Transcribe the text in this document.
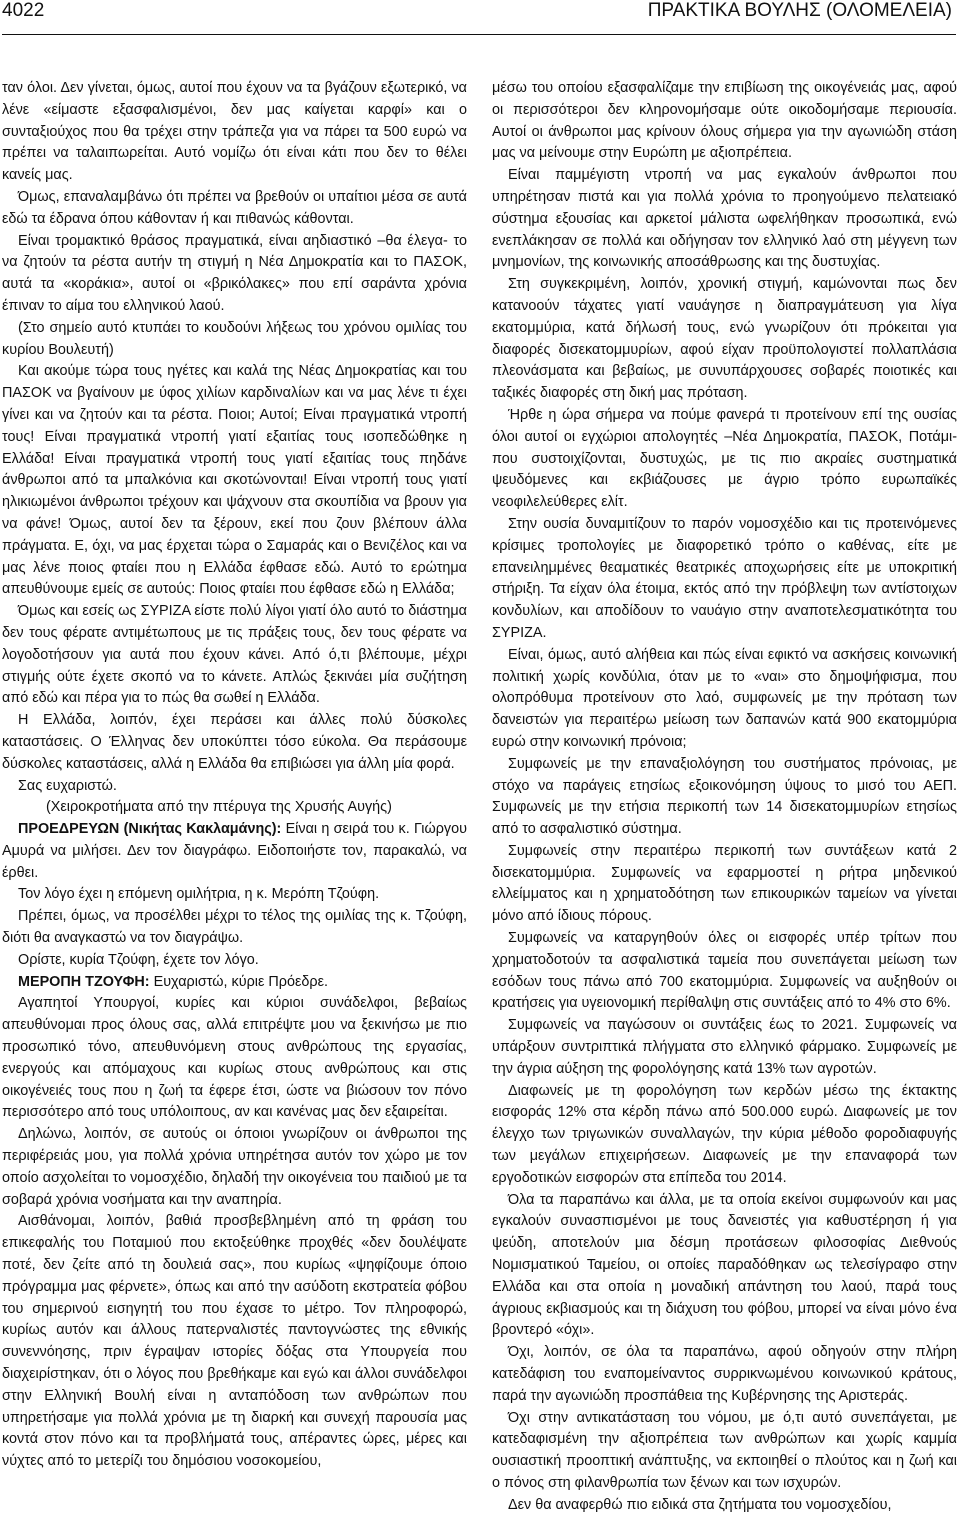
4022	ΠΡΑΚΤΙΚΑ ΒΟΥΛΗΣ (ΟΛΟΜΕΛΕΙΑ)

ταν όλοι. Δεν γίνεται, όμως, αυτοί που έχουν να τα βγάζουν εξωτερικό, να λένε «είμαστε εξασφαλισμένοι, δεν μας καίγεται καρφί» και ο συνταξιούχος που θα τρέχει στην τράπεζα για να πάρει τα 500 ευρώ να πρέπει να ταλαιπωρείται. Αυτό νομίζω ότι είναι κάτι που δεν το θέλει κανείς μας.

Όμως, επαναλαμβάνω ότι πρέπει να βρεθούν οι υπαίτιοι μέσα σε αυτά εδώ τα έδρανα όπου κάθονταν ή και πιθανώς κάθονται.

Είναι τρομακτικό θράσος πραγματικά, είναι αηδιαστικό –θα έλεγα- το να ζητούν τα ρέστα αυτήν τη στιγμή η Νέα Δημοκρατία και το ΠΑΣΟΚ, αυτά τα «κοράκια», αυτοί οι «βρικόλακες» που επί σαράντα χρόνια έπιναν το αίμα του ελληνικού λαού.

(Στο σημείο αυτό κτυπάει το κουδούνι λήξεως του χρόνου ομιλίας του κυρίου Βουλευτή)

Και ακούμε τώρα τους ηγέτες και καλά της Νέας Δημοκρατίας και του ΠΑΣΟΚ να βγαίνουν με ύφος χιλίων καρδιναλίων και να μας λένε τι έχει γίνει και να ζητούν και τα ρέστα. Ποιοι; Αυτοί; Είναι πραγματικά ντροπή τους! Είναι πραγματικά ντροπή γιατί εξαιτίας τους ισοπεδώθηκε η Ελλάδα! Είναι πραγματικά ντροπή τους γιατί εξαιτίας τους πηδάνε άνθρωποι από τα μπαλκόνια και σκοτώνονται! Είναι ντροπή τους γιατί ηλικιωμένοι άνθρωποι τρέχουν και ψάχνουν στα σκουπίδια να βρουν για να φάνε! Όμως, αυτοί δεν τα ξέρουν, εκεί που ζουν βλέπουν άλλα πράγματα. Ε, όχι, να μας έρχεται τώρα ο Σαμαράς και ο Βενιζέλος και να μας λένε ποιος φταίει που η Ελλάδα έφθασε εδώ. Αυτό το ερώτημα απευθύνουμε εμείς σε αυτούς: Ποιος φταίει που έφθασε εδώ η Ελλάδα;

Όμως και εσείς ως ΣΥΡΙΖΑ είστε πολύ λίγοι γιατί όλο αυτό το διάστημα δεν τους φέρατε αντιμέτωπους με τις πράξεις τους, δεν τους φέρατε να λογοδοτήσουν για αυτά που έχουν κάνει. Από ό,τι βλέπουμε, μέχρι στιγμής ούτε έχετε σκοπό να το κάνετε. Απλώς ξεκινάει μία συζήτηση από εδώ και πέρα για το πώς θα σωθεί η Ελλάδα.

Η Ελλάδα, λοιπόν, έχει περάσει και άλλες πολύ δύσκολες καταστάσεις. Ο Έλληνας δεν υποκύπτει τόσο εύκολα. Θα περάσουμε δύσκολες καταστάσεις, αλλά η Ελλάδα θα επιβιώσει για άλλη μία φορά.

Σας ευχαριστώ.

(Χειροκροτήματα από την πτέρυγα της Χρυσής Αυγής)

ΠΡΟΕΔΡΕΥΩΝ (Νικήτας Κακλαμάνης): Είναι η σειρά του κ. Γιώργου Αμυρά να μιλήσει. Δεν τον διαγράφω. Ειδοποιήστε τον, παρακαλώ, να έρθει.

Τον λόγο έχει η επόμενη ομιλήτρια, η κ. Μερόπη Τζούφη.

Πρέπει, όμως, να προσέλθει μέχρι το τέλος της ομιλίας της κ. Τζούφη, διότι θα αναγκαστώ να τον διαγράψω.

Ορίστε, κυρία Τζούφη, έχετε τον λόγο.

ΜΕΡΟΠΗ ΤΖΟΥΦΗ: Ευχαριστώ, κύριε Πρόεδρε.

Αγαπητοί Υπουργοί, κυρίες και κύριοι συνάδελφοι, βεβαίως απευθύνομαι προς όλους σας, αλλά επιτρέψτε μου να ξεκινήσω με πιο προσωπικό τόνο, απευθυνόμενη στους ανθρώπους της εργασίας, ενεργούς και απόμαχους και κυρίως στους ανθρώπους και στις οικογένειές τους που η ζωή τα έφερε έτσι, ώστε να βιώσουν τον πόνο περισσότερο από τους υπόλοιπους, αν και κανένας μας δεν εξαιρείται.

Δηλώνω, λοιπόν, σε αυτούς οι όποιοι γνωρίζουν οι άνθρωποι της περιφέρειάς μου, για πολλά χρόνια υπηρέτησα αυτόν τον χώρο με τον οποίο ασχολείται το νομοσχέδιο, δηλαδή την οικογένεια του παιδιού με τα σοβαρά χρόνια νοσήματα και την αναπηρία.

Αισθάνομαι, λοιπόν, βαθιά προσβεβλημένη από τη φράση του επικεφαλής του Ποταμιού που εκτοξεύθηκε προχθές «δεν δουλέψατε ποτέ, δεν ζείτε από τη δουλειά σας», που κυρίως «ψηφίζουμε όποιο πρόγραμμα μας φέρνετε», όπως και από την ασύδοτη εκστρατεία φόβου του σημερινού εισηγητή του που έχασε το μέτρο. Τον πληροφορώ, κυρίως αυτόν και άλλους πατερναλιστές παντογνώστες της εθνικής συνεννόησης, πριν έγραψαν ιστορίες δόξας στα Υπουργεία που διαχειρίστηκαν, ότι ο λόγος που βρεθήκαμε και εγώ και άλλοι συνάδελφοι στην Ελληνική Βουλή είναι η ανταπόδοση των ανθρώπων που υπηρετήσαμε για πολλά χρόνια με τη διαρκή και συνεχή παρουσία μας κοντά στον πόνο και τα προβλήματά τους, απέραντες ώρες, μέρες και νύχτες από το μετερίζι του δημόσιου νοσοκομείου,

μέσω του οποίου εξασφαλίζαμε την επιβίωση της οικογένειάς μας, αφού οι περισσότεροι δεν κληρονομήσαμε ούτε οικοδομήσαμε περιουσία. Αυτοί οι άνθρωποι μας κρίνουν όλους σήμερα για την αγωνιώδη στάση μας να μείνουμε στην Ευρώπη με αξιοπρέπεια.

Είναι παμμέγιστη ντροπή να μας εγκαλούν άνθρωποι που υπηρέτησαν πιστά και για πολλά χρόνια το προηγούμενο πελατειακό σύστημα εξουσίας και αρκετοί μάλιστα ωφελήθηκαν προσωπικά, ενώ ενεπλάκησαν σε πολλά και οδήγησαν τον ελληνικό λαό στη μέγγενη των μνημονίων, της κοινωνικής αποσάθρωσης και της δυστυχίας.

Στη συγκεκριμένη, λοιπόν, χρονική στιγμή, καμώνονται πως δεν κατανοούν τάχατες γιατί ναυάγησε η διαπραγμάτευση για λίγα εκατομμύρια, κατά δήλωσή τους, ενώ γνωρίζουν ότι πρόκειται για διαφορές δισεκατομμυρίων, αφού είχαν προϋπολογιστεί πολλαπλάσια πλεονάσματα και βεβαίως, με συνυπάρχουσες σοβαρές ποιοτικές και ταξικές διαφορές στη δική μας πρόταση.

Ήρθε η ώρα σήμερα να πούμε φανερά τι προτείνουν επί της ουσίας όλοι αυτοί οι εγχώριοι απολογητές –Νέα Δημοκρατία, ΠΑΣΟΚ, Ποτάμι- που συστοιχίζονται, δυστυχώς, με τις πιο ακραίες συστηματικά ψευδόμενες και εκβιάζουσες με άγριο τρόπο ευρωπαϊκές νεοφιλελεύθερες ελίτ.

Στην ουσία δυναμιτίζουν το παρόν νομοσχέδιο και τις προτεινόμενες κρίσιμες τροπολογίες με διαφορετικό τρόπο ο καθένας, είτε με επανειλημμένες θεαματικές θεατρικές αποχωρήσεις είτε με υποκριτική στήριξη. Τα είχαν όλα έτοιμα, εκτός από την πρόβλεψη των αντίστοιχων κονδυλίων, και αποδίδουν το ναυάγιο στην αναποτελεσματικότητα του ΣΥΡΙΖΑ.

Είναι, όμως, αυτό αλήθεια και πώς είναι εφικτό να ασκήσεις κοινωνική πολιτική χωρίς κονδύλια, όταν με το «ναι» στο δημοψήφισμα, που ολοπρόθυμα προτείνουν στο λαό, συμφωνείς με την πρόταση των δανειστών για περαιτέρω μείωση των δαπανών κατά 900 εκατομμύρια ευρώ στην κοινωνική πρόνοια;

Συμφωνείς με την επαναξιολόγηση του συστήματος πρόνοιας, με στόχο να παράγεις ετησίως εξοικονόμηση ύψους το μισό του ΑΕΠ. Συμφωνείς με την ετήσια περικοπή των 14 δισεκατομμυρίων ετησίως από το ασφαλιστικό σύστημα.

Συμφωνείς στην περαιτέρω περικοπή των συντάξεων κατά 2 δισεκατομμύρια. Συμφωνείς να εφαρμοστεί η ρήτρα μηδενικού ελλείμματος και η χρηματοδότηση των επικουρικών ταμείων να γίνεται μόνο από ίδιους πόρους.

Συμφωνείς να καταργηθούν όλες οι εισφορές υπέρ τρίτων που χρηματοδοτούν τα ασφαλιστικά ταμεία που συνεπάγεται μείωση των εσόδων τους πάνω από 700 εκατομμύρια. Συμφωνείς να αυξηθούν οι κρατήσεις για υγειονομική περίθαλψη στις συντάξεις από το 4% στο 6%.

Συμφωνείς να παγώσουν οι συντάξεις έως το 2021. Συμφωνείς να υπάρξουν συντριπτικά πλήγματα στο ελληνικό φάρμακο. Συμφωνείς με την άγρια αύξηση της φορολόγησης κατά 13% των αγροτών.

Διαφωνείς με τη φορολόγηση των κερδών μέσω της έκτακτης εισφοράς 12% στα κέρδη πάνω από 500.000 ευρώ. Διαφωνείς με τον έλεγχο των τριγωνικών συναλλαγών, την κύρια μέθοδο φοροδιαφυγής των μεγάλων επιχειρήσεων. Διαφωνείς με την επαναφορά των εργοδοτικών εισφορών στα επίπεδα του 2014.

Όλα τα παραπάνω και άλλα, με τα οποία εκείνοι συμφωνούν και μας εγκαλούν συνασπισμένοι με τους δανειστές για καθυστέρηση ή για ψεύδη, αποτελούν μια δέσμη προτάσεων φιλοσοφίας Διεθνούς Νομισματικού Ταμείου, οι οποίες παραδόθηκαν ως τελεσίγραφο στην Ελλάδα και στα οποία η μοναδική απάντηση του λαού, παρά τους άγριους εκβιασμούς και τη διάχυση του φόβου, μπορεί να είναι μόνο ένα βροντερό «όχι».

Όχι, λοιπόν, σε όλα τα παραπάνω, αφού οδηγούν στην πλήρη κατεδάφιση του εναπομείναντος συρρικνωμένου κοινωνικού κράτους, παρά την αγωνιώδη προσπάθεια της Κυβέρνησης της Αριστεράς.

Όχι στην αντικατάσταση του νόμου, με ό,τι αυτό συνεπάγεται, με κατεδαφισμένη την αξιοπρέπεια των ανθρώπων και χωρίς καμμία ουσιαστική προοπτική ανάπτυξης, να εκποιηθεί ο πλούτος και η ζωή και ο πόνος στη φιλανθρωπία των ξένων και των ισχυρών.

Δεν θα αναφερθώ πιο ειδικά στα ζητήματα του νομοσχεδίου,
